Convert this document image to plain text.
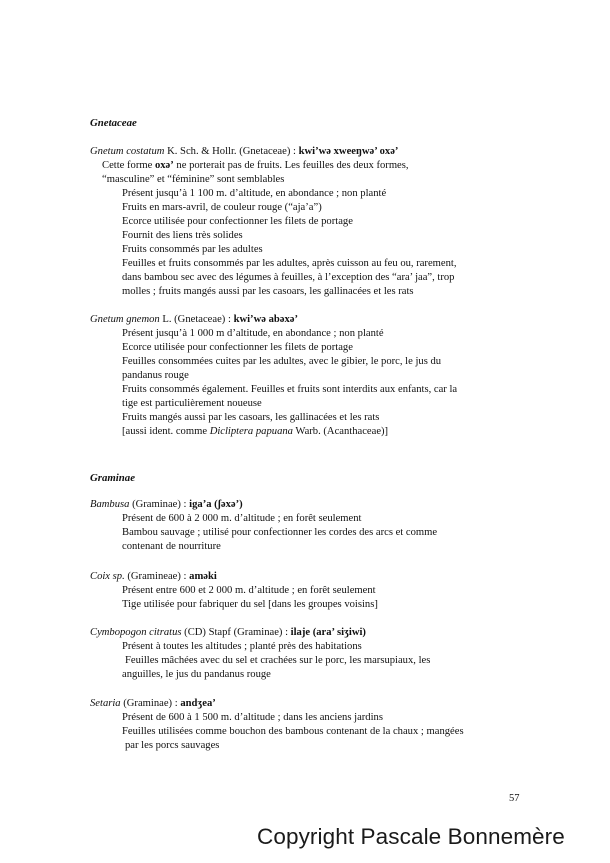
Gnetaceae
Gnetum costatum K. Sch. & Hollr. (Gnetaceae) : kwi’wə xweeŋwə’ oxə’
Cette forme oxə’ ne porterait pas de fruits. Les feuilles des deux formes,
“masculine” et “féminine” sont semblables
Présent jusqu’à 1 100 m. d’altitude, en abondance ; non planté
Fruits en mars-avril, de couleur rouge (“aja’a”)
Ecorce utilisée pour confectionner les filets de portage
Fournit des liens très solides
Fruits consommés par les adultes
Feuilles et fruits consommés par les adultes, après cuisson au feu ou, rarement,
dans bambou sec avec des légumes à feuilles, à l’exception des “ara’ jaa”, trop
molles ; fruits mangés aussi par les casoars, les gallinacées et les rats
Gnetum gnemon L. (Gnetaceae) : kwi’wə abəxə’
Présent jusqu’à 1 000 m d’altitude, en abondance ; non planté
Ecorce utilisée pour confectionner les filets de portage
Feuilles consommées cuites par les adultes, avec le gibier, le porc, le jus du
pandanus rouge
Fruits consommés également. Feuilles et fruits sont interdits aux enfants, car la
tige est particulièrement noueuse
Fruits mangés aussi par les casoars, les gallinacées et les rats
[aussi ident. comme Dicliptera papuana Warb. (Acanthaceae)]
Graminae
Bambusa (Graminae) : iga’a (ʃəxə’)
Présent de 600 à 2 000 m. d’altitude ; en forêt seulement
Bambou sauvage ; utilisé pour confectionner les cordes des arcs et comme
contenant de nourriture
Coix sp. (Gramineae) : aməki
Présent entre 600 et 2 000 m. d’altitude ; en forêt seulement
Tige utilisée pour fabriquer du sel [dans les groupes voisins]
Cymbopogon citratus (CD) Stapf (Graminae) : ilaje (ara’ siʒiwi)
Présent à toutes les altitudes ; planté près des habitations
Feuilles mâchées avec du sel et crachées sur le porc, les marsupiaux, les
anguilles, le jus du pandanus rouge
Setaria (Graminae) : andʒea’
Présent de 600 à 1 500 m. d’altitude ; dans les anciens jardins
Feuilles utilisées comme bouchon des bambous contenant de la chaux ; mangées
par les porcs sauvages
57
Copyright Pascale Bonnemère
